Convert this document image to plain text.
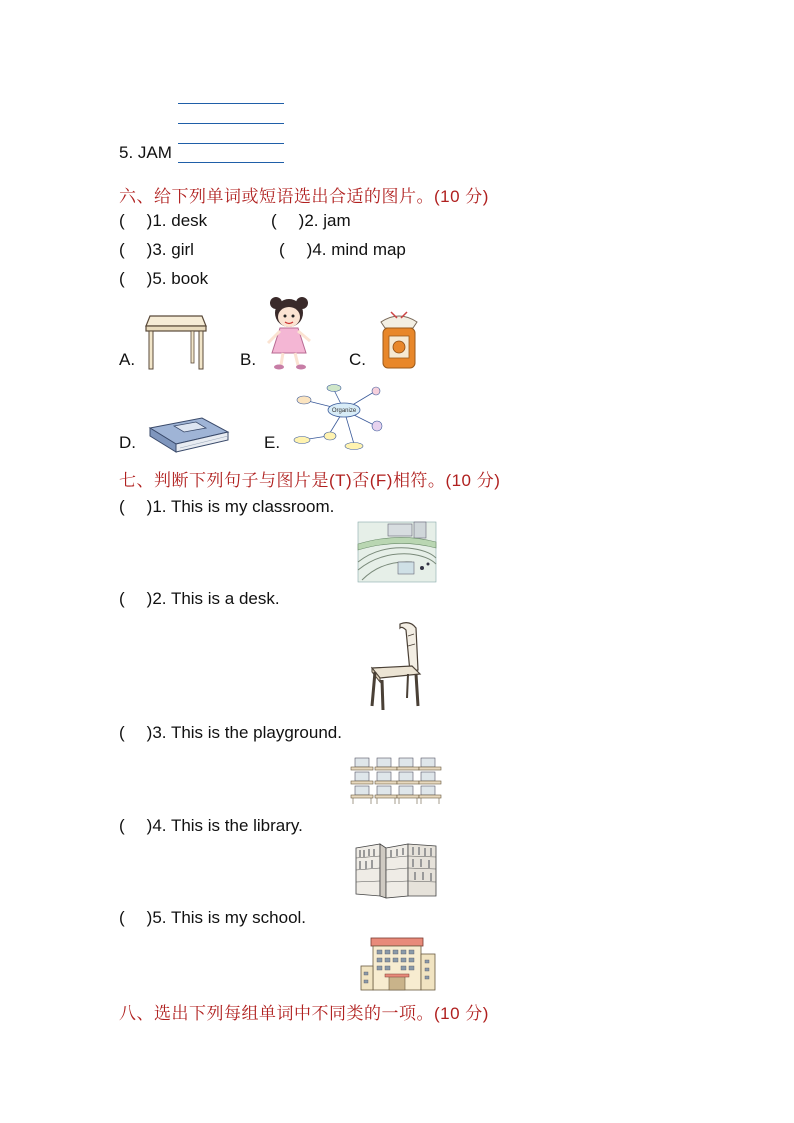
5. JAM
六、给下列单词或短语选出合适的图片。(10 分)
( )1. desk	( )2. jam
( )3. girl	( )4. mind map
( )5. book
A.	B.	C.
D.	E.
Organize
七、判断下列句子与图片是(T)否(F)相符。(10 分)
( )1. This is my classroom.
( )2. This is a desk.
( )3. This is the playground.
( )4. This is the library.
( )5. This is my school.
八、选出下列每组单词中不同类的一项。(10 分)
